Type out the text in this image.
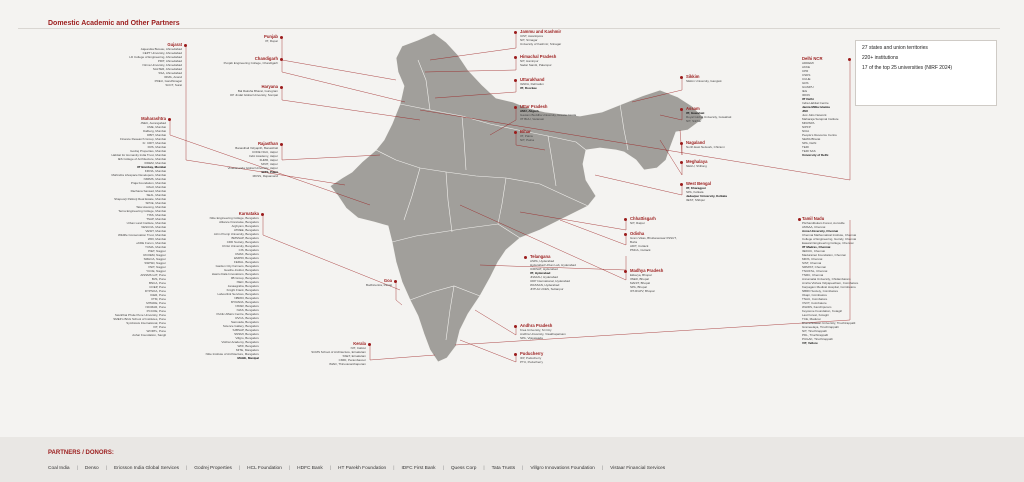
Domestic Academic and Other Partners
Gujarat
Aajeevika Bureau, Ahmedabad
CEPT University, Ahmedabad
LD College of Engineering, Ahmedabad
PRIT, Ahmedabad
Nirma University, Ahmedabad
SALTER, Ahmedabad
SSA, Ahmedabad
IRMA, Anand
PDEU, Gandhinagar
SCCT, Surat
Maharashtra
JNEC, Aurangabad
CME, Mumbai
Dalberg, Mumbai
DBIT, Mumbai
Finance Research Group, Mumbai
Fr. CRIT, Mumbai
FRS, Mumbai
Godrej Properties, Mumbai
Habitat for Humanity India Trust, Mumbai
IES College of Architecture, Mumbai
IIIDEM, Mumbai
IIT Bombay, Mumbai
KRVIA, Mumbai
Mahindra Lifespace Developers, Mumbai
NMIMS, Mumbai
Praja Foundation, Mumbai
RAHI, Mumbai
Rachana Sansad, Mumbai
SEJL, Mumbai
Shapoorji Pallonji Real Estate, Mumbai
SPCE, Mumbai
Tata Housing, Mumbai
Terna Engineering College, Mumbai
TISS, Mumbai
TSAP, Mumbai
Urban Land Institute, Mumbai
VESCOA, Mumbai
VESIT, Mumbai
Wildlife Conservation Trust, Mumbai
WRI, Mumbai
eKDE Forum, Mumbai
YCMA, Mumbai
PIET, Nagpur
RCOEM, Nagpur
SMHCA, Nagpur
SSPSD, Nagpur
VNIT, Nagpur
YCCE, Nagpur
AISSMS IoIT, Pune
BJS, Pune
BNCA, Pune
COEP, Pune
DYPSOA, Pune
ICER, Pune
IITM, Pune
MITADE, Pune
NICMAR, Pune
PCCOE, Pune
Savitribai Phule Pune University, Pune
SMEF's Brick School of Institutes, Pune
Symbiosis International, Pune
VIT, Pune
WORTL, Pune
Ashar Foundation, Sangli
Punjab
IIT, Ropar
Chandigarh
Punjab Engineering College, Chandigarh
Haryana
Bal Raksha Bharat, Gurugram
OP Jindal Global University, Sonipat
Rajasthan
Banasthali Vidyapith, Banasthali
CODE NGU, Jaipur
Indic Academy, Jaipur
IIHMR, Jaipur
MNIT, Jaipur
Vivekananda Global University, Jaipur
BITS, Pilani
MKSS, Rajsamand
Karnataka
Nitte Engineering College, Bengaluru
Alliance Francaise, Bengaluru
Arghyam, Bengaluru
ATREE, Bengaluru
Azim Premji University, Bengaluru
BMSSAP, Bengaluru
CDD Society, Bengaluru
Christ University, Bengaluru
CIS, Bengaluru
CMAK, Bengaluru
EMPRI, Bengaluru
FERAL, Bengaluru
Garden City Farmers, Bengaluru
Goethe-Institut, Bengaluru
Hasiru Dala Innovations, Bengaluru
IIB Group, Bengaluru
ISEC, Bengaluru
Janaagraha, Bengaluru
Knight Frank, Bengaluru
Labourlink Services, Bengaluru
NBRDI, Bengaluru
MYRADA, Bengaluru
NSSR, Bengaluru
NIAS, Bengaluru
Public Affairs Centre, Bengaluru
RVCA, Bengaluru
Samvada, Bengaluru
Science Gallery, Bengaluru
SJBSAP, Bengaluru
SNSMI, Bengaluru
Villgro, Bengaluru
Visthar Academy, Bengaluru
WFF, Bengaluru
MITE, Mangaluru
Nitte Institute of Architecture, Mangaluru
MAHE, Manipal
Goa
Bodhicentra, Panaji
Kerala
NIT, Calicut
SCMS School of Architecture, Ernakulam
SSET, Ernakulam
CMID, Perambavoor
IMAD, Thiruvananthapuram
Jammu and Kashmir
IUST, Awantipora
NIT, Srinagar
University of Kashmir, Srinagar
Himachal Pradesh
NIT, Hamirpur
Sadar Samiti, Palampur
Uttarakhand
IGNFA, Dehradun
IIT, Roorkee
Uttar Pradesh
AMU, Aligarh
Gautam Buddha University, Greater Noida
IIT BHU, Varanasi
Bihar
IIT, Patna
NIT, Patna
Sikkim
Sikkim University, Gangtok
Assam
IIT, Guwahati
Royal Global University, Guwahati
NIT, Silchar
Nagaland
North East Network, Chizami
Meghalaya
NEHU, Shillong
West Bengal
IIT, Kharagpur
SPA, Kolkata
Jadavpur University, Kolkata
IIEST, Shibpur
Chhattisgarh
NIT, Raipur
Odisha
Gram Vikas, Bhubaneswar IISSUT,
Burla
ADIT, Cuttack
PMCA, Cuttack
Telangana
ASPA, Hyderabad
Hyderabad Urban Lab, Hyderabad
ICRISAT, Hyderabad
IIT, Hyderabad
JNAFAU, Hyderabad
UDP International, Hyderabad
WASSAN, Hyderabad
JNTUH UCES, Sultanpur
Madhya Pradesh
Eklavya, Bhopal
IISER, Bhopal
MANIT, Bhopal
SPA, Bhopal
IIIT-RGPV, Bhopal
Andhra Pradesh
Krea University, Sri City
Andhra University, Visakhapatnam
SPA, Vijayawada
Puducherry
IFP, Puducherry
PTU, Puducherry
Delhi NCR
ADDEMI
AKKE
CPR
CSDS
CUHE
GDS
GGSIPU
IEG
IIFDN
IIT Delhi
India Habitat Centre
Jamia Millia Islamia
JNU
Just Jobs Network
Maharaja Surajmal Institute
MKRSPA
NIPFP
NIUA
People's Resource Centre
SEWA Bharat
SPA, Delhi
TERI
TERI SAS
University of Delhi
Tamil Nadu
Pitchandikulam Forest, Auroville
AMSAA, Chennai
Anna University, Chennai
Chennai Mathematical Institute, Chennai
College of Engineering, Guindy, Chennai
Easwari Engineering College, Chennai
IIT Madras, Chennai
IIEDUC, Chennai
Madurainet Foundation, Chennai
MIDS, Chennai
SIST, Chennai
SRMIST, Chennai
TNUIFSL, Chennai
TNRC, Chennai
Annamalai University, Chidambaram
Amrita Vishwa Vidyapeetham, Coimbatore
Karpagam Medical Hospital, Coimbatore
NBRD Society, Coimbatore
Okapi, Coimbatore
TNAU, Coimbatore
VSVT, Coimbatore
WHIDS, Kanchipuram
Keystone Foundation, Kotagiri
Last Forest, Kotagiri
TCE, Madurai
Bharathidasan University, Tiruchirappalli
Grameelaya, Tiruchirappalli
NIT, Tiruchirappalli
PDL, Tiruchirappalli
PUGAK, Tiruchirappalli
VIT, Vellore
27 states and union territories
220+ institutions
17 of the top 25 universities (NIRF 2024)
PARTNERS / DONORS:
Coal India | Denso | Ericsson India Global Services | Godrej Properties | HCL Foundation | HDFC Bank | HT Parekh Foundation | IDFC First Bank | Quess Corp | Tata Trusts | Villgro Innovations Foundation | Vistaar Financial Services
